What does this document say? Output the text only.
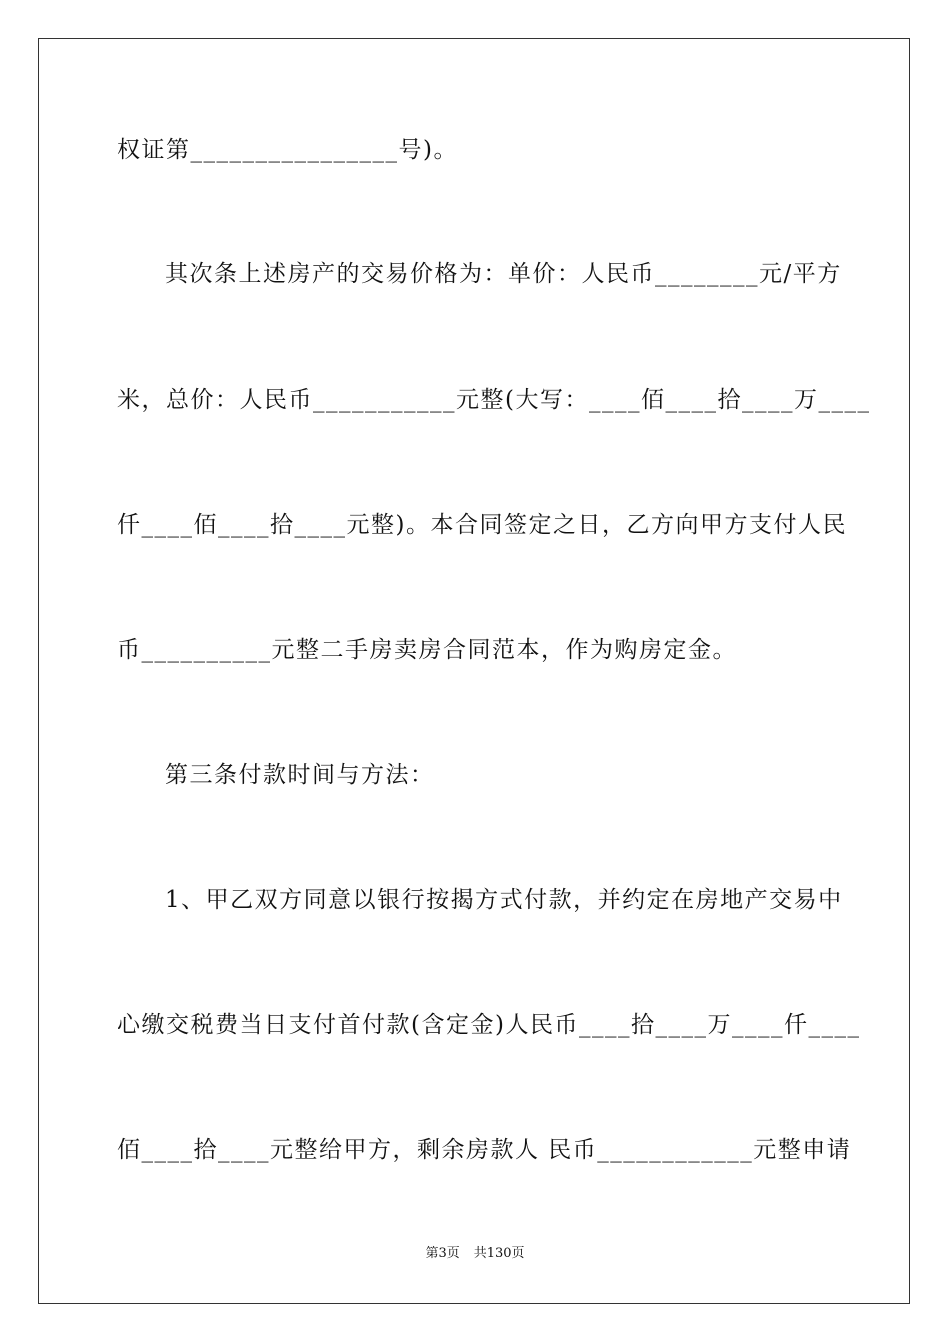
权证第________________号)。
其次条上述房产的交易价格为：单价：人民币________元/平方
米，总价：人民币___________元整(大写：____佰____拾____万____
仟____佰____拾____元整)。本合同签定之日，乙方向甲方支付人民
币__________元整二手房卖房合同范本，作为购房定金。
第三条付款时间与方法：
1、甲乙双方同意以银行按揭方式付款，并约定在房地产交易中
心缴交税费当日支付首付款(含定金)人民币____拾____万____仟____
佰____拾____元整给甲方，剩余房款人 民币____________元整申请
第3页 共130页
